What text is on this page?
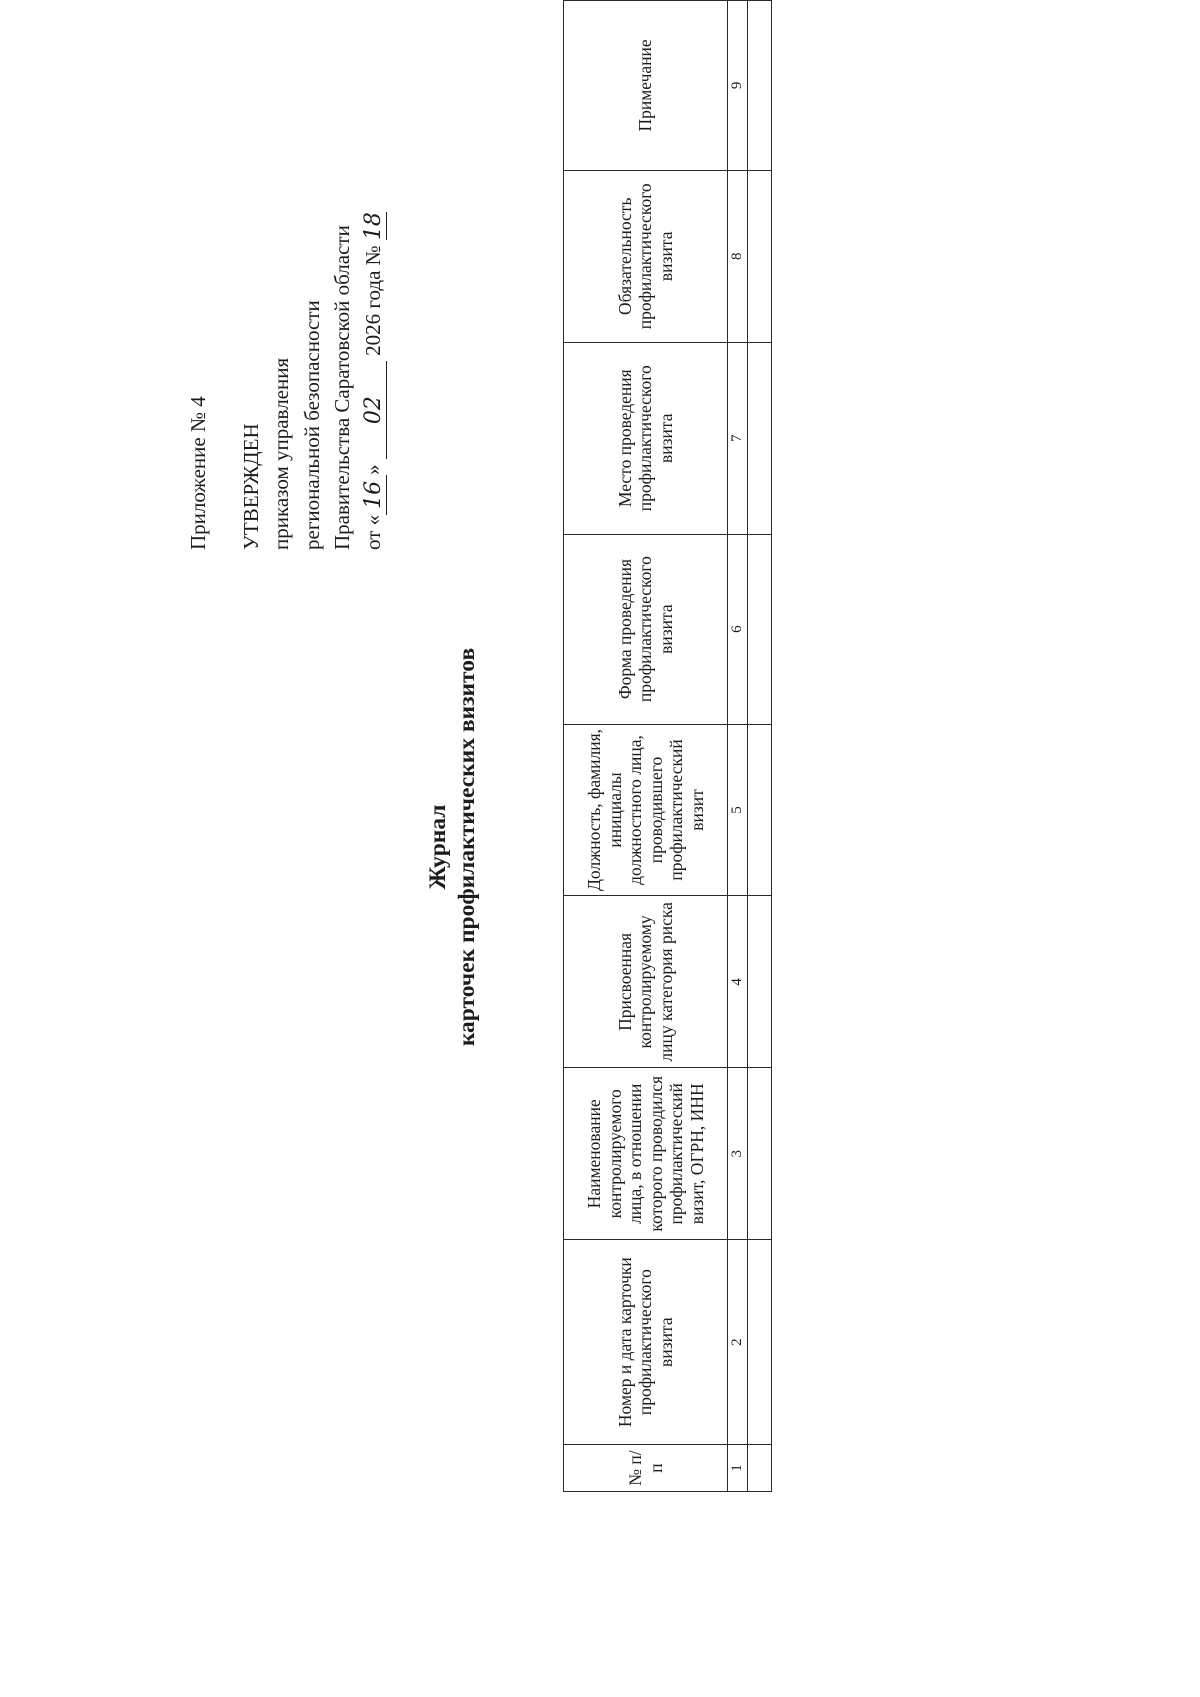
Приложение № 4 УТВЕРЖДЕН приказом управления региональной безопасности Правительства Саратовской области от «16» 02 2026 года № 18
Журнал карточек профилактических визитов
№ п/п	Номер и дата карточки профилактического визита	Наименование контролируемого лица, в отношении которого проводился профилактический визит, ОГРН, ИНН	Присвоенная контролируемому лицу категория риска	Должность, фамилия, инициалы должностного лица, проводившего профилактический визит	Форма проведения профилактического визита	Место проведения профилактического визита	Обязательность профилактического визита	Примечание
1	2	3	4	5	6	7	8	9
